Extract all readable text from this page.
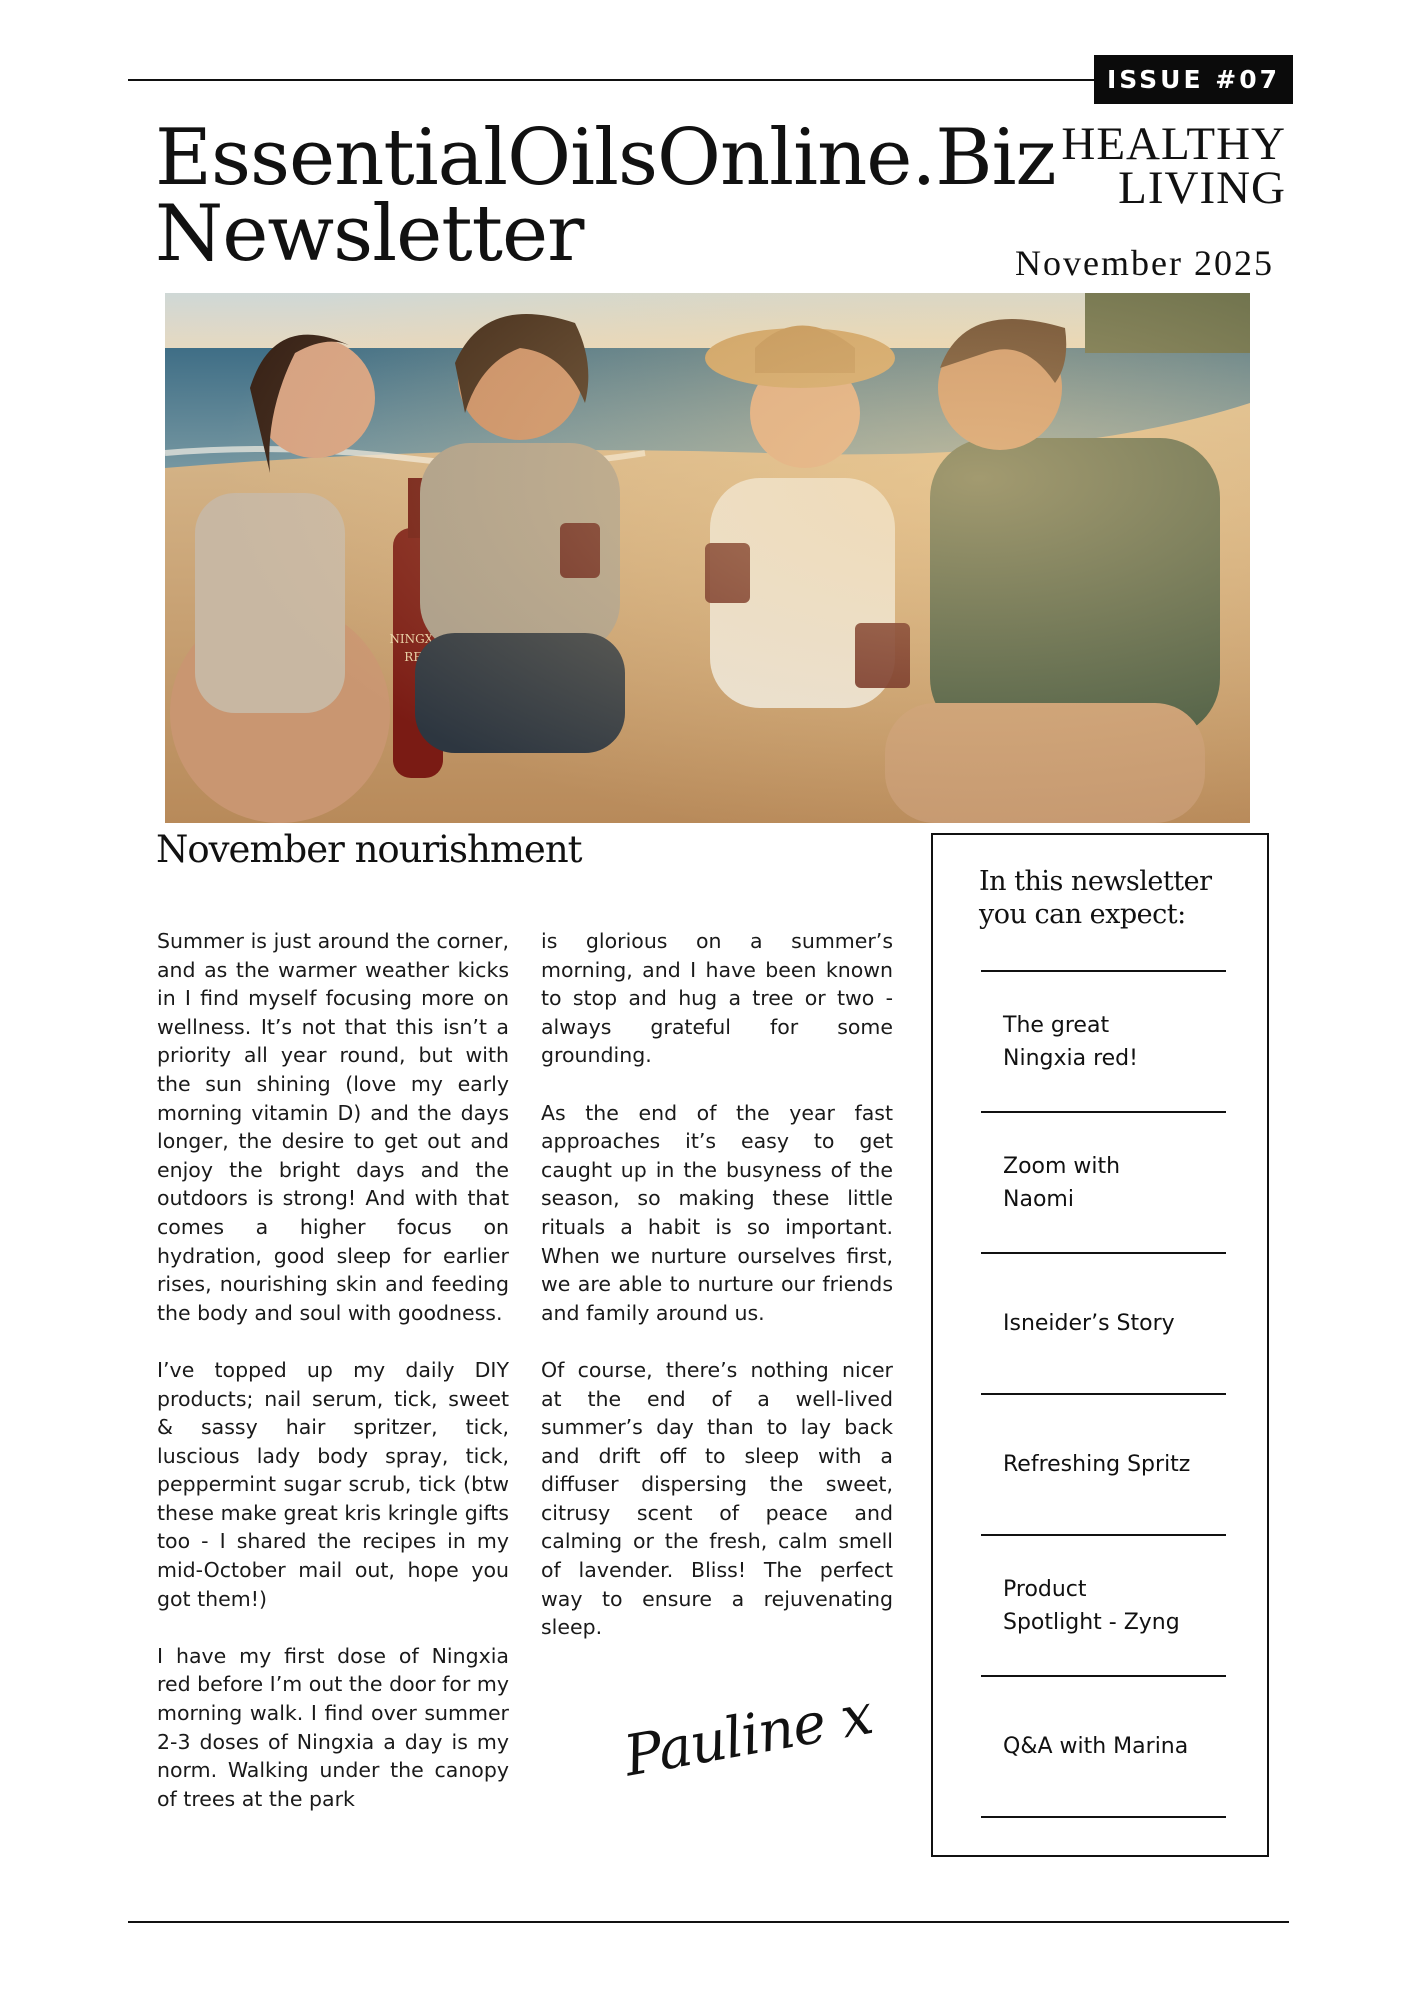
ISSUE #07
EssentialOilsOnline.Biz
Newsletter
HEALTHY
LIVING
November 2025
November nourishment

Summer is just around the corner, and as the warmer weather kicks in I find myself focusing more on wellness. It’s not that this isn’t a priority all year round, but with the sun shining (love my early morning vitamin D) and the days longer, the desire to get out and enjoy the bright days and the outdoors is strong! And with that comes a higher focus on hydration, good sleep for earlier rises, nourishing skin and feeding the body and soul with goodness.

I’ve topped up my daily DIY products; nail serum, tick, sweet & sassy hair spritzer, tick, luscious lady body spray, tick, peppermint sugar scrub, tick (btw these make great kris kringle gifts too - I shared the recipes in my mid-October mail out, hope you got them!)

I have my first dose of Ningxia red before I’m out the door for my morning walk. I find over summer 2-3 doses of Ningxia a day is my norm. Walking under the canopy of trees at the park

is glorious on a summer’s morning, and I have been known to stop and hug a tree or two - always grateful for some grounding.

As the end of the year fast approaches it’s easy to get caught up in the busyness of the season, so making these little rituals a habit is so important. When we nurture ourselves first, we are able to nurture our friends and family around us.

Of course, there’s nothing nicer at the end of a well-lived summer’s day than to lay back and drift off to sleep with a diffuser dispersing the sweet, citrusy scent of peace and calming or the fresh, calm smell of lavender. Bliss! The perfect way to ensure a rejuvenating sleep.

Pauline x
In this newsletter
you can expect:
The great
Ningxia red!
Zoom with
Naomi
Isneider’s Story
Refreshing Spritz
Product
Spotlight - Zyng
Q&A with Marina
